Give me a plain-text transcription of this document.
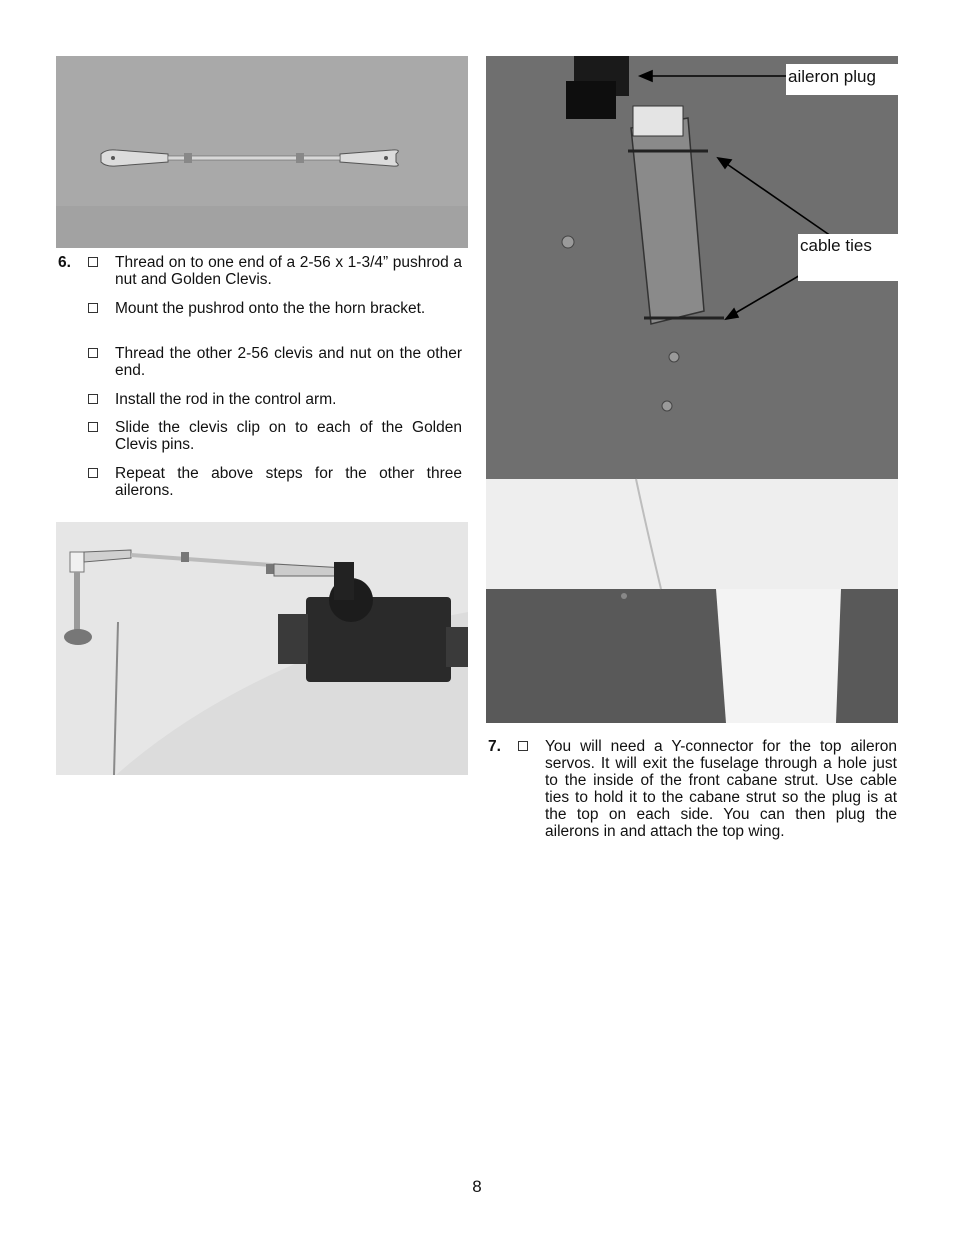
6.	Thread on to one end of a 2-56 x 1-3/4” pushrod a nut and Golden Clevis.
Mount the pushrod onto the the horn bracket.
Thread the other 2-56 clevis and nut on the other end.
Install the rod in the control arm.
Slide the clevis clip on to each of the Golden Clevis pins.
Repeat the above steps for the other three ailerons.
aileron plug
cable ties
7.	You will need a Y-connector for the top aileron servos. It will exit the fuselage through a hole just to the inside of the front cabane strut. Use cable ties to hold it to the cabane strut so the plug is at the top on each side. You can then plug the ailerons in and attach the top wing.
8
